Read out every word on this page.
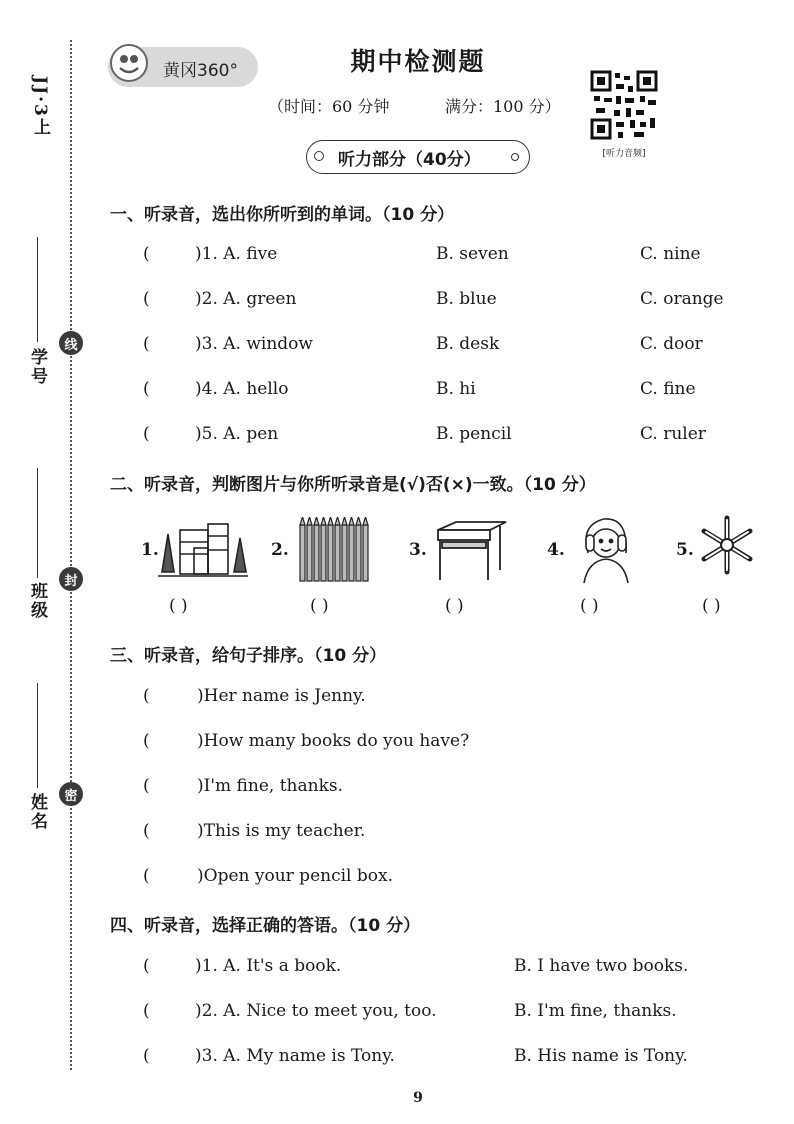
JJ·3上
学号
线
班级
封
姓名	密
黄冈360°	期中检测题
（时间：60 分钟	满分：100 分）
[听力音频]
听力部分（40分）
一、听录音，选出你所听到的单词。（10 分）
(	)1. A. five	B. seven	C. nine
(	)2. A. green	B. blue	C. orange
(	)3. A. window	B. desk	C. door
(	)4. A. hello	B. hi	C. fine
(	)5. A. pen	B. pencil	C. ruler
二、听录音，判断图片与你所听录音是(√)否(×)一致。（10 分）
1.	2.	3.	4.	5.
( )	( )	( )	( )	( )
三、听录音，给句子排序。（10 分）
(	)Her name is Jenny.
(	)How many books do you have?
(	)I'm fine, thanks.
(	)This is my teacher.
(	)Open your pencil box.
四、听录音，选择正确的答语。（10 分）
(	)1. A. It's a book.	B. I have two books.
(	)2. A. Nice to meet you, too.	B. I'm fine, thanks.
(	)3. A. My name is Tony.	B. His name is Tony.
9
